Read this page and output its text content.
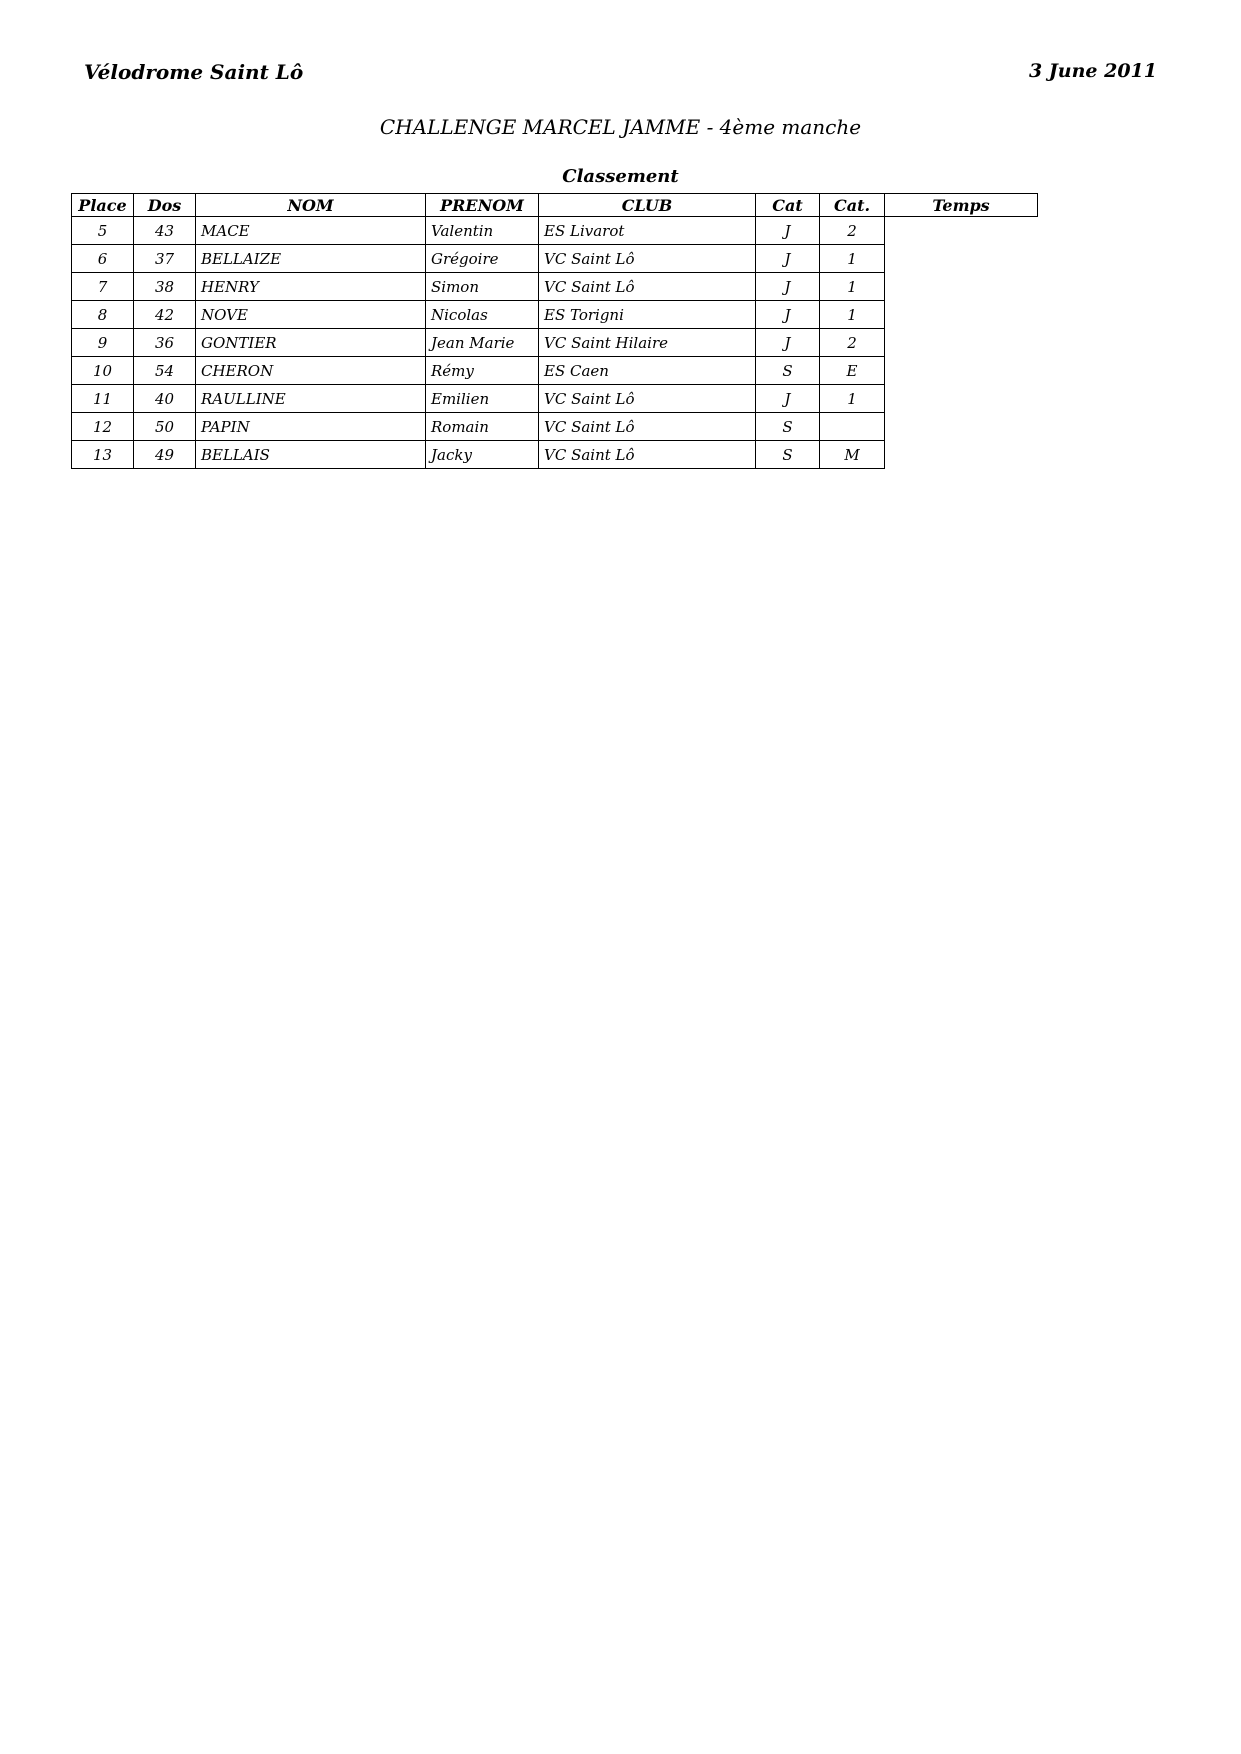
Vélodrome Saint Lô	3 June 2011
CHALLENGE MARCEL JAMME - 4ème manche
Classement
Place	Dos	NOM	PRENOM	CLUB	Cat	Cat.	Temps
5	43	MACE	Valentin	ES Livarot	J	2	
6	37	BELLAIZE	Grégoire	VC Saint Lô	J	1	
7	38	HENRY	Simon	VC Saint Lô	J	1	
8	42	NOVE	Nicolas	ES Torigni	J	1	
9	36	GONTIER	Jean Marie	VC Saint Hilaire	J	2	
10	54	CHERON	Rémy	ES Caen	S	E	
11	40	RAULLINE	Emilien	VC Saint Lô	J	1	
12	50	PAPIN	Romain	VC Saint Lô	S		
13	49	BELLAIS	Jacky	VC Saint Lô	S	M	
